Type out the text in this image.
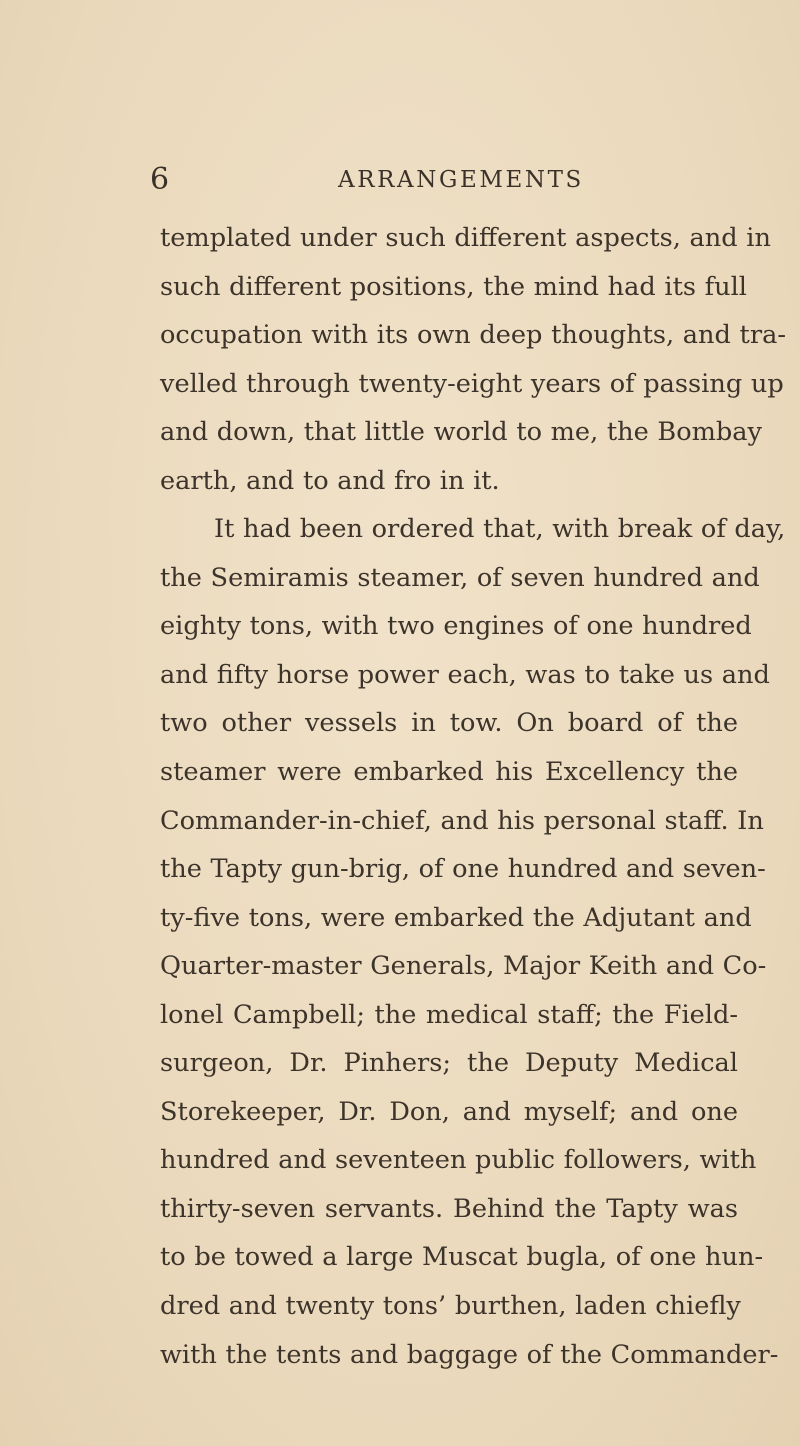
6	ARRANGEMENTS
templated under such different aspects, and in
such different positions, the mind had its full
occupation with its own deep thoughts, and tra-
velled through twenty-eight years of passing up
and down, that little world to me, the Bombay
earth, and to and fro in it.
It had been ordered that, with break of day,
the Semiramis steamer, of seven hundred and
eighty tons, with two engines of one hundred
and fifty horse power each, was to take us and
two other vessels in tow. On board of the
steamer were embarked his Excellency the
Commander-in-chief, and his personal staff. In
the Tapty gun-brig, of one hundred and seven-
ty-five tons, were embarked the Adjutant and
Quarter-master Generals, Major Keith and Co-
lonel Campbell; the medical staff; the Field-
surgeon, Dr. Pinhers; the Deputy Medical
Storekeeper, Dr. Don, and myself; and one
hundred and seventeen public followers, with
thirty-seven servants. Behind the Tapty was
to be towed a large Muscat bugla, of one hun-
dred and twenty tons’ burthen, laden chiefly
with the tents and baggage of the Commander-
